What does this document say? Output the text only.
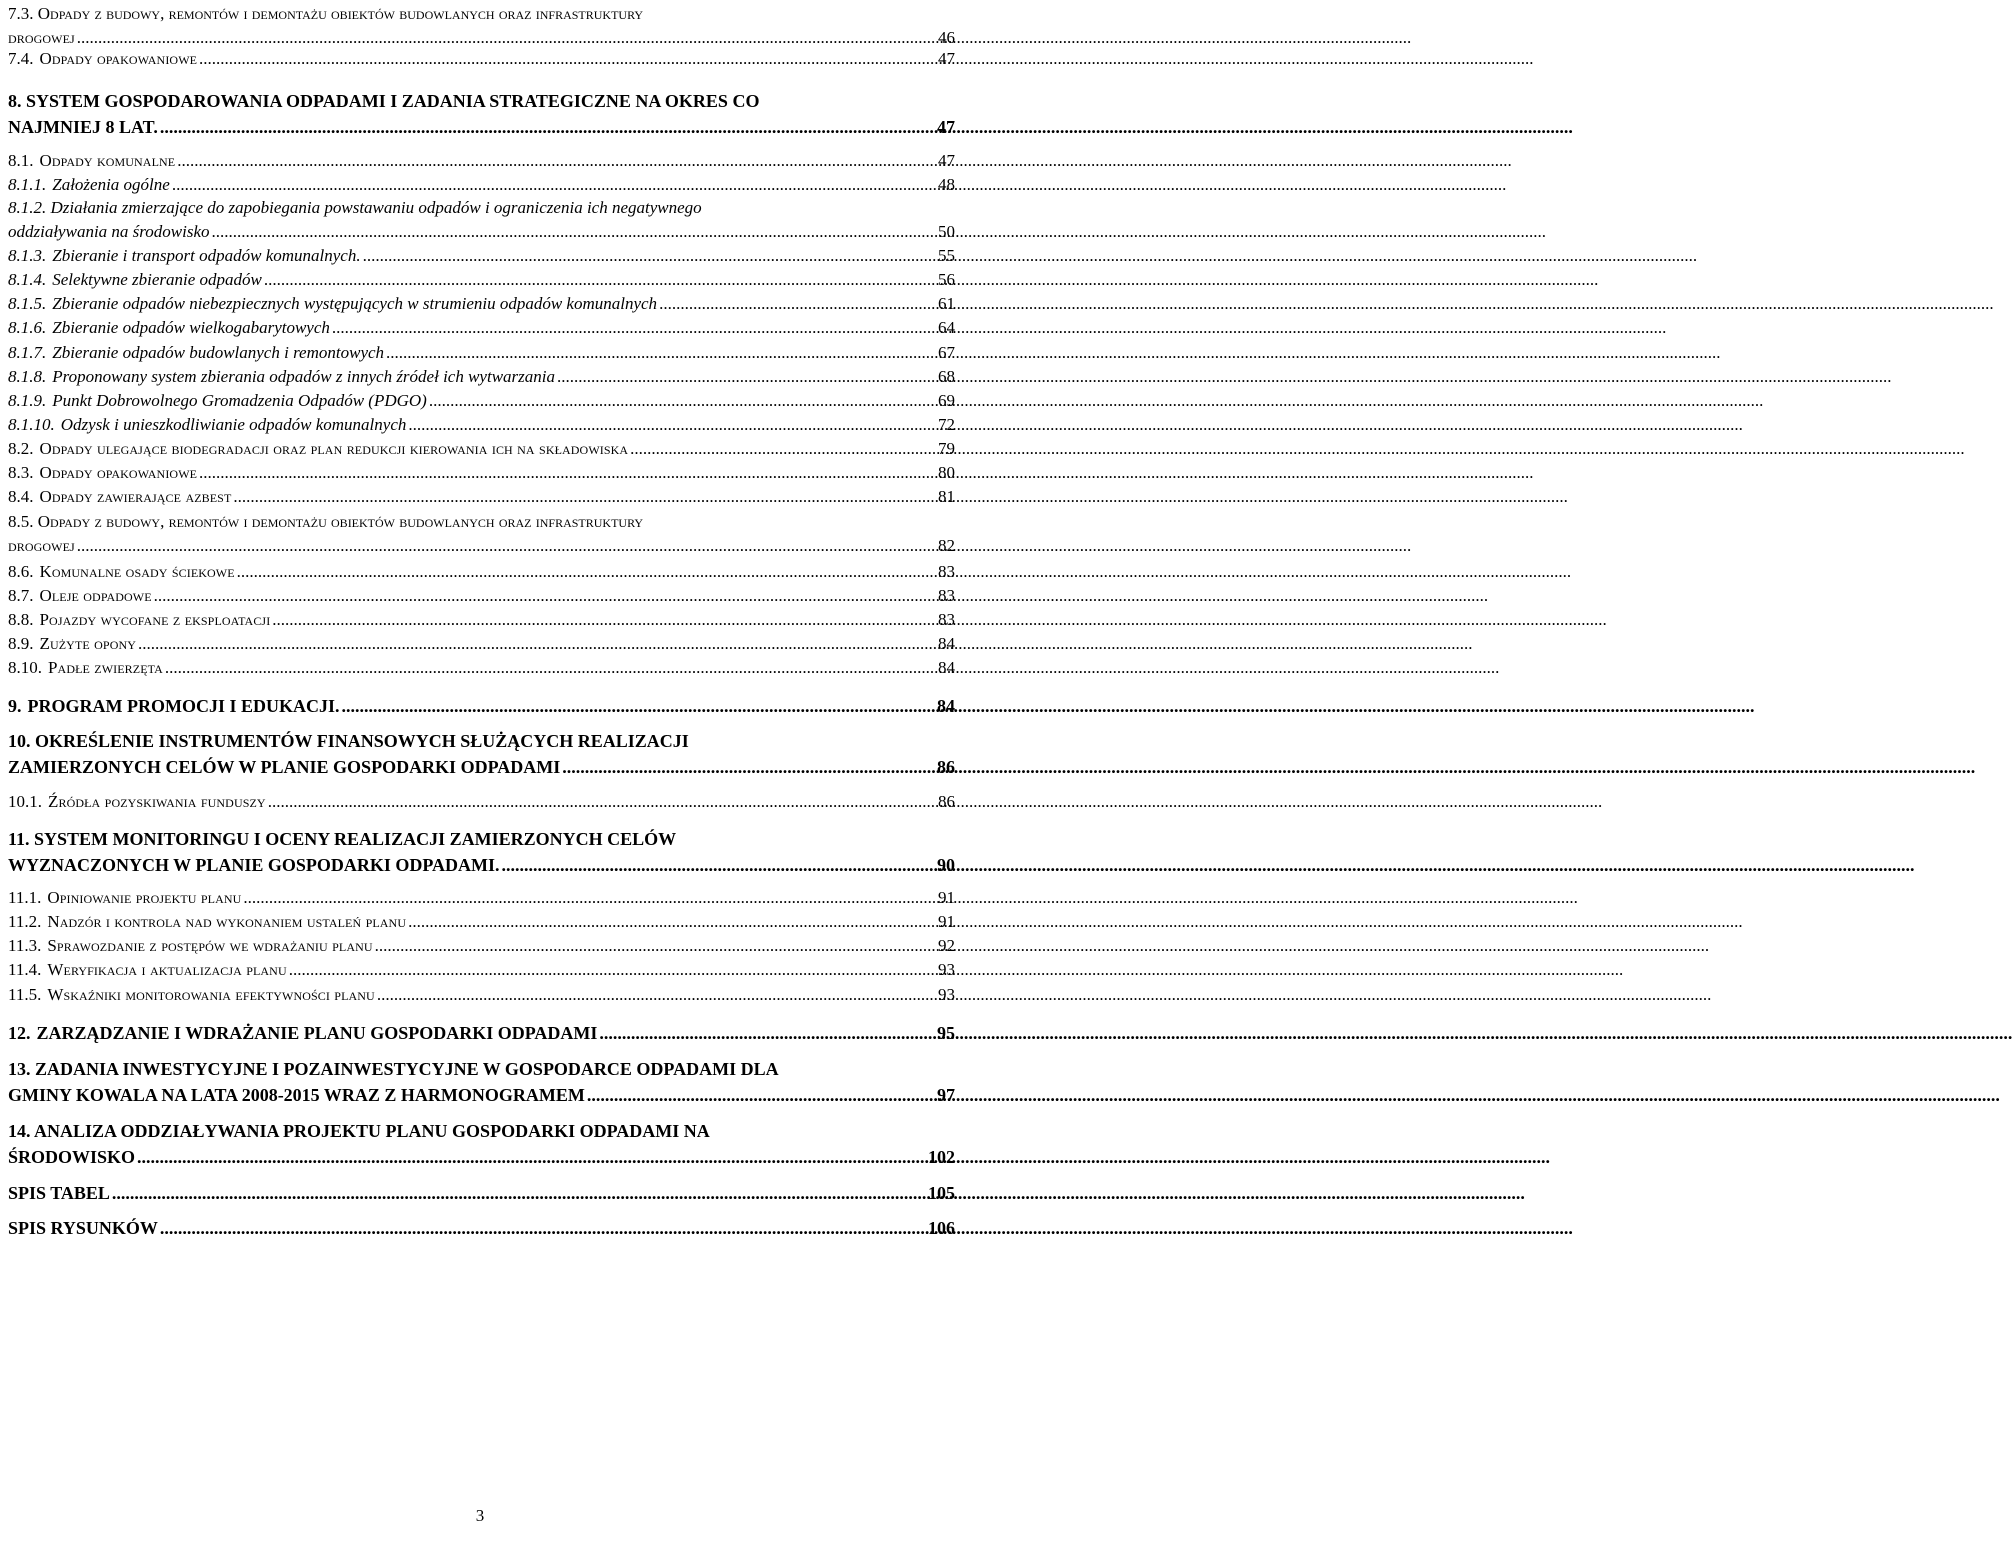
7.3. Odpady z budowy, remontów i demontażu obiektów budowlanych oraz infrastruktury
drogowej .....	46
7.4. Odpady opakowaniowe .....	47
8. SYSTEM GOSPODAROWANIA ODPADAMI I ZADANIA STRATEGICZNE NA OKRES CO
NAJMNIEJ 8 LAT. .....	47
8.1. Odpady komunalne .....	47
8.1.1. Założenia ogólne .....	48
8.1.2. Działania zmierzające do zapobiegania powstawaniu odpadów i ograniczenia ich negatywnego
oddziaływania na środowisko .....	50
8.1.3. Zbieranie i transport odpadów komunalnych. .....	55
8.1.4. Selektywne zbieranie odpadów .....	56
8.1.5. Zbieranie odpadów niebezpiecznych występujących w strumieniu odpadów komunalnych .....	61
8.1.6. Zbieranie odpadów wielkogabarytowych .....	64
8.1.7. Zbieranie odpadów budowlanych i remontowych .....	67
8.1.8. Proponowany system zbierania odpadów z innych źródeł ich wytwarzania .....	68
8.1.9. Punkt Dobrowolnego Gromadzenia Odpadów (PDGO) .....	69
8.1.10. Odzysk i unieszkodliwianie odpadów komunalnych .....	72
8.2. Odpady ulegające biodegradacji oraz plan redukcji kierowania ich na składowiska .....	79
8.3. Odpady opakowaniowe .....	80
8.4. Odpady zawierające azbest .....	81
8.5. Odpady z budowy, remontów i demontażu obiektów budowlanych oraz infrastruktury
drogowej .....	82
8.6. Komunalne osady ściekowe .....	83
8.7. Oleje odpadowe .....	83
8.8. Pojazdy wycofane z eksploatacji .....	83
8.9. Zużyte opony .....	84
8.10. Padłe zwierzęta .....	84
9. PROGRAM PROMOCJI I EDUKACJI. .....	84
10. OKREŚLENIE INSTRUMENTÓW FINANSOWYCH SŁUŻĄCYCH REALIZACJI
ZAMIERZONYCH CELÓW W PLANIE GOSPODARKI ODPADAMI .....	86
10.1. Źródła pozyskiwania funduszy .....	86
11. SYSTEM MONITORINGU I OCENY REALIZACJI ZAMIERZONYCH CELÓW
WYZNACZONYCH W PLANIE GOSPODARKI ODPADAMI. .....	90
11.1. Opiniowanie projektu planu .....	91
11.2. Nadzór i kontrola nad wykonaniem ustaleń planu .....	91
11.3. Sprawozdanie z postępów we wdrażaniu planu .....	92
11.4. Weryfikacja i aktualizacja planu .....	93
11.5. Wskaźniki monitorowania efektywności planu .....	93
12. ZARZĄDZANIE I WDRAŻANIE PLANU GOSPODARKI ODPADAMI .....	95
13. ZADANIA INWESTYCYJNE I POZAINWESTYCYJNE W GOSPODARCE ODPADAMI DLA
GMINY KOWALA NA LATA 2008-2015 WRAZ Z HARMONOGRAMEM .....	97
14. ANALIZA ODDZIAŁYWANIA PROJEKTU PLANU GOSPODARKI ODPADAMI NA
ŚRODOWISKO .....	102
SPIS TABEL .....	105
SPIS RYSUNKÓW .....	106
3
